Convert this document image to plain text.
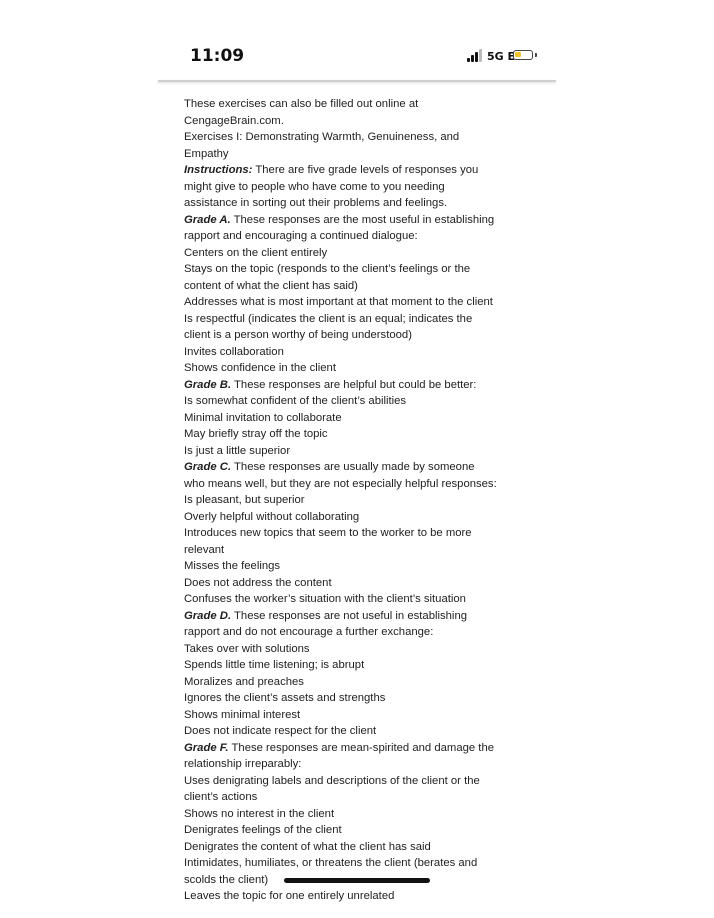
11:09	5G E
These exercises can also be filled out online at
CengageBrain.com.
Exercises I: Demonstrating Warmth, Genuineness, and
Empathy
Instructions: There are five grade levels of responses you
might give to people who have come to you needing
assistance in sorting out their problems and feelings.
Grade A. These responses are the most useful in establishing
rapport and encouraging a continued dialogue:
Centers on the client entirely
Stays on the topic (responds to the client’s feelings or the
content of what the client has said)
Addresses what is most important at that moment to the client
Is respectful (indicates the client is an equal; indicates the
client is a person worthy of being understood)
Invites collaboration
Shows confidence in the client
Grade B. These responses are helpful but could be better:
Is somewhat confident of the client’s abilities
Minimal invitation to collaborate
May briefly stray off the topic
Is just a little superior
Grade C. These responses are usually made by someone
who means well, but they are not especially helpful responses:
Is pleasant, but superior
Overly helpful without collaborating
Introduces new topics that seem to the worker to be more
relevant
Misses the feelings
Does not address the content
Confuses the worker’s situation with the client’s situation
Grade D. These responses are not useful in establishing
rapport and do not encourage a further exchange:
Takes over with solutions
Spends little time listening; is abrupt
Moralizes and preaches
Ignores the client’s assets and strengths
Shows minimal interest
Does not indicate respect for the client
Grade F. These responses are mean-spirited and damage the
relationship irreparably:
Uses denigrating labels and descriptions of the client or the
client’s actions
Shows no interest in the client
Denigrates feelings of the client
Denigrates the content of what the client has said
Intimidates, humiliates, or threatens the client (berates and
scolds the client)
Leaves the topic for one entirely unrelated
